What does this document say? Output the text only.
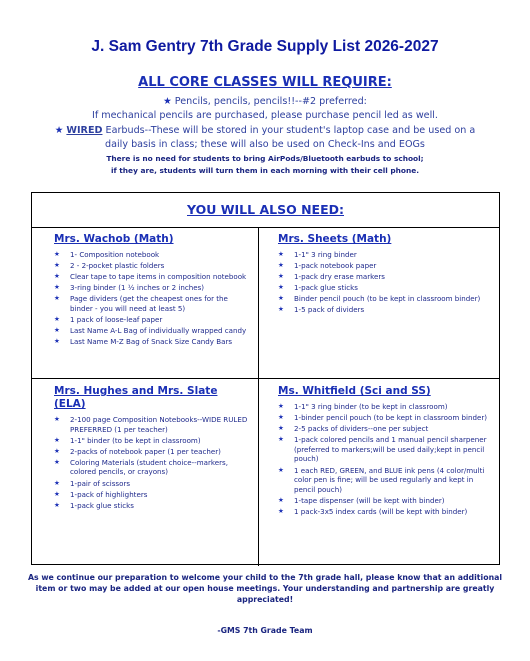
J. Sam Gentry 7th Grade Supply List 2026-2027
ALL CORE CLASSES WILL REQUIRE:
★ Pencils, pencils, pencils!!--#2 preferred:
If mechanical pencils are purchased, please purchase pencil led as well.
★ WIRED Earbuds--These will be stored in your student's laptop case and be used on a
daily basis in class; these will also be used on Check-Ins and EOGs
There is no need for students to bring AirPods/Bluetooth earbuds to school;
if they are, students will turn them in each morning with their cell phone.
YOU WILL ALSO NEED:
Mrs. Wachob (Math)
★ 1- Composition notebook
★ 2 - 2-pocket plastic folders
★ Clear tape to tape items in composition notebook
★ 3-ring binder (1 ½ inches or 2 inches)
★ Page dividers (get the cheapest ones for the binder - you will need at least 5)
★ 1 pack of loose-leaf paper
★ Last Name A-L Bag of individually wrapped candy
★ Last Name M-Z Bag of Snack Size Candy Bars
Mrs. Sheets (Math)
★ 1-1" 3 ring binder
★ 1-pack notebook paper
★ 1-pack dry erase markers
★ 1-pack glue sticks
★ Binder pencil pouch (to be kept in classroom binder)
★ 1-5 pack of dividers
Mrs. Hughes and Mrs. Slate (ELA)
★ 2-100 page Composition Notebooks--WIDE RULED PREFERRED (1 per teacher)
★ 1-1" binder (to be kept in classroom)
★ 2-packs of notebook paper (1 per teacher)
★ Coloring Materials (student choice--markers, colored pencils, or crayons)
★ 1-pair of scissors
★ 1-pack of highlighters
★ 1-pack glue sticks
Ms. Whitfield (Sci and SS)
★ 1-1" 3 ring binder (to be kept in classroom)
★ 1-binder pencil pouch (to be kept in classroom binder)
★ 2-5 packs of dividers--one per subject
★ 1-pack colored pencils and 1 manual pencil sharpener (preferred to markers;will be used daily;kept in pencil pouch)
★ 1 each RED, GREEN, and BLUE ink pens (4 color/multi color pen is fine; will be used regularly and kept in pencil pouch)
★ 1-tape dispenser (will be kept with binder)
★ 1 pack-3x5 index cards (will be kept with binder)
As we continue our preparation to welcome your child to the 7th grade hall, please know that an additional item or two may be added at our open house meetings. Your understanding and partnership are greatly appreciated!
-GMS 7th Grade Team
